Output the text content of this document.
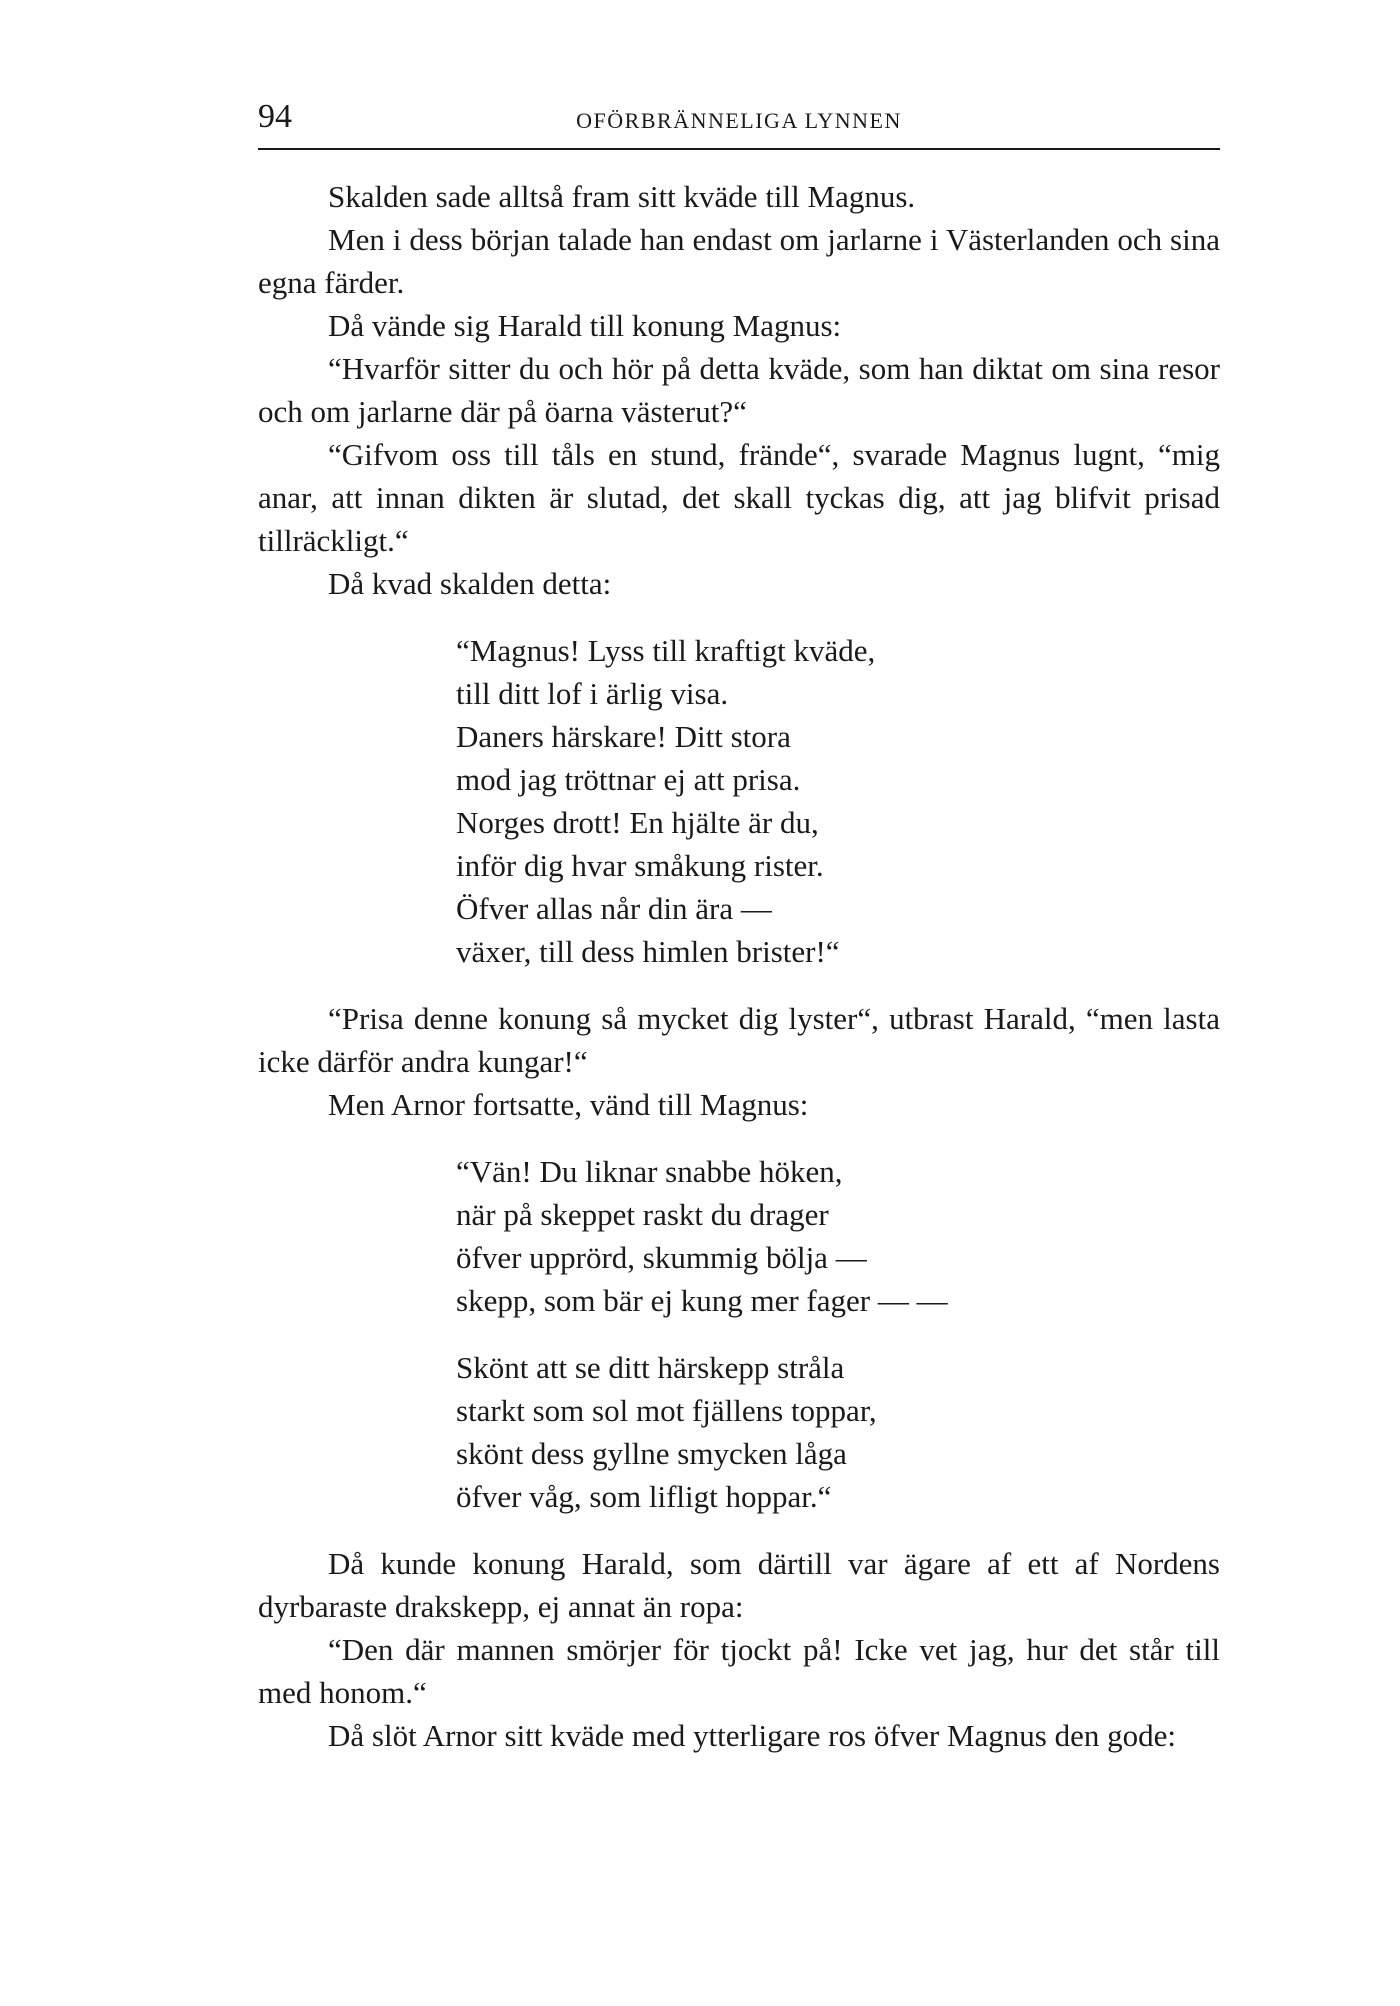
94	OFÖRBRÄNNELIGA LYNNEN

Skalden sade alltså fram sitt kväde till Magnus.

Men i dess början talade han endast om jarlarne i Västerlanden och sina egna färder.

Då vände sig Harald till konung Magnus:

“Hvarför sitter du och hör på detta kväde, som han diktat om sina resor och om jarlarne där på öarna västerut?“

“Gifvom oss till tåls en stund, frände“, svarade Magnus lugnt, “mig anar, att innan dikten är slutad, det skall tyckas dig, att jag blifvit prisad tillräckligt.“

Då kvad skalden detta:

“Magnus! Lyss till kraftigt kväde,
till ditt lof i ärlig visa.
Daners härskare! Ditt stora
mod jag tröttnar ej att prisa.
Norges drott! En hjälte är du,
inför dig hvar småkung rister.
Öfver allas når din ära —
växer, till dess himlen brister!“

“Prisa denne konung så mycket dig lyster“, utbrast Harald, “men lasta icke därför andra kungar!“

Men Arnor fortsatte, vänd till Magnus:

“Vän! Du liknar snabbe höken,
när på skeppet raskt du drager
öfver upprörd, skummig bölja —
skepp, som bär ej kung mer fager — —
Skönt att se ditt härskepp stråla
starkt som sol mot fjällens toppar,
skönt dess gyllne smycken låga
öfver våg, som lifligt hoppar.“

Då kunde konung Harald, som därtill var ägare af ett af Nordens dyrbaraste drakskepp, ej annat än ropa:

“Den där mannen smörjer för tjockt på! Icke vet jag, hur det står till med honom.“

Då slöt Arnor sitt kväde med ytterligare ros öfver Magnus den gode:
